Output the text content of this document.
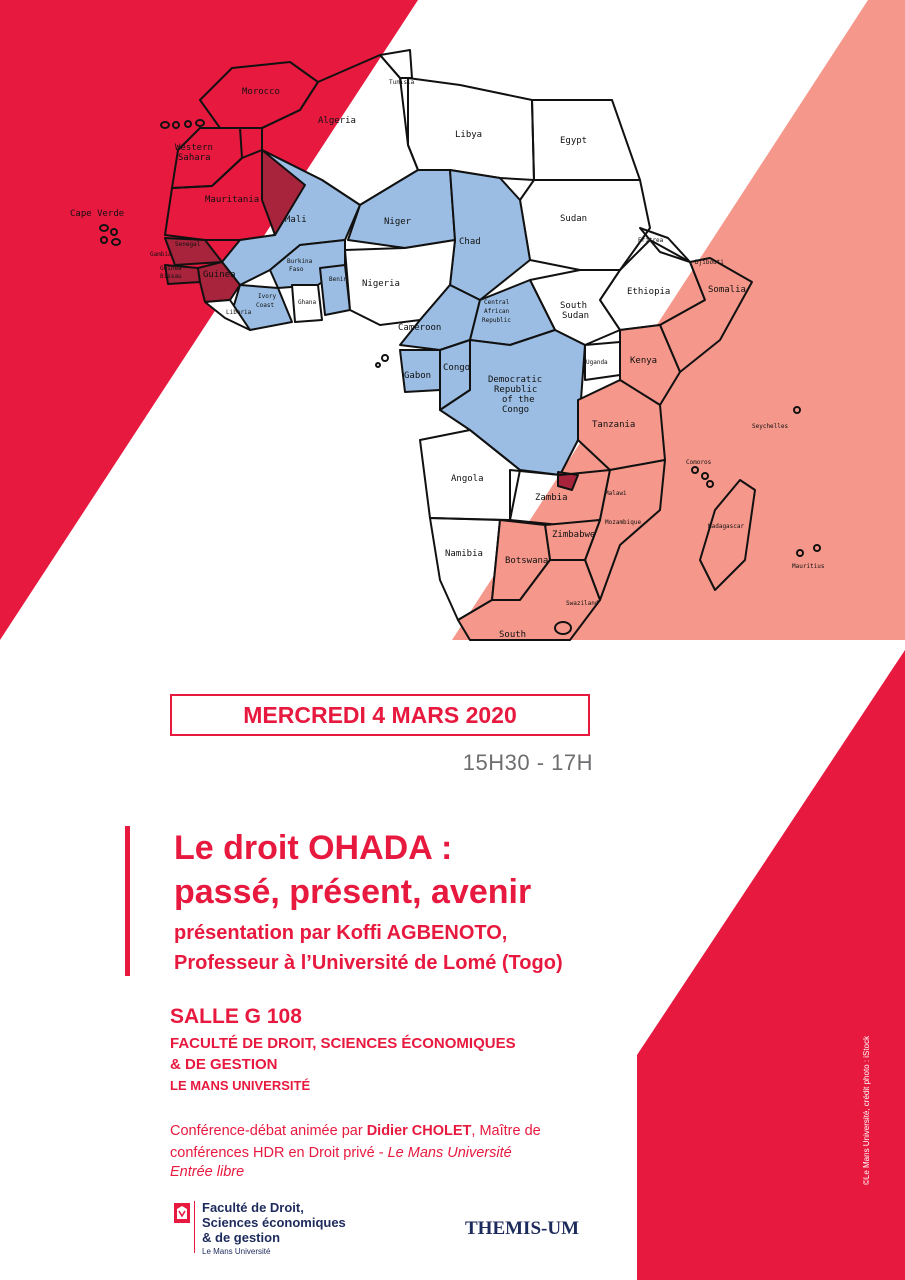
Morocco
Algeria
Tunisia
Libya
Egypt
Western
Sahara
Mauritania
Cape Verde
Mali	Niger
Chad
Sudan
Eritrea
Djibouti
Senegal
Gambia
Guinea
Bissau Guinea
Burkina
Faso
Benin Nigeria
Ethiopia	Somalia
Ivory
Coast	Ghana
Liberia
Central
African
Republic
South
Sudan
Cameroon
Uganda Kenya
Gabon
Congo
Democratic
Republic
of the
Congo
Seychelles
Tanzania
Comoros
Angola
Zambia	Malawi
Mozambique
Madagascar
Zimbabwe
Namibia
Botswana
Mauritius
Swaziland
South
MERCREDI 4 MARS 2020
15H30 - 17H
Le droit OHADA :
passé, présent, avenir
présentation par Koffi AGBENOTO,
Professeur à l’Université de Lomé (Togo)
SALLE G 108
FACULTÉ DE DROIT, SCIENCES ÉCONOMIQUES
& DE GESTION
LE MANS UNIVERSITÉ
Conférence-débat animée par Didier CHOLET, Maître de
conférences HDR en Droit privé - Le Mans Université
Entrée libre
Faculté de Droit,
Sciences économiques
& de gestion
Le Mans Université
THEMIS-UM
©Le Mans Université, crédit photo : iStock
